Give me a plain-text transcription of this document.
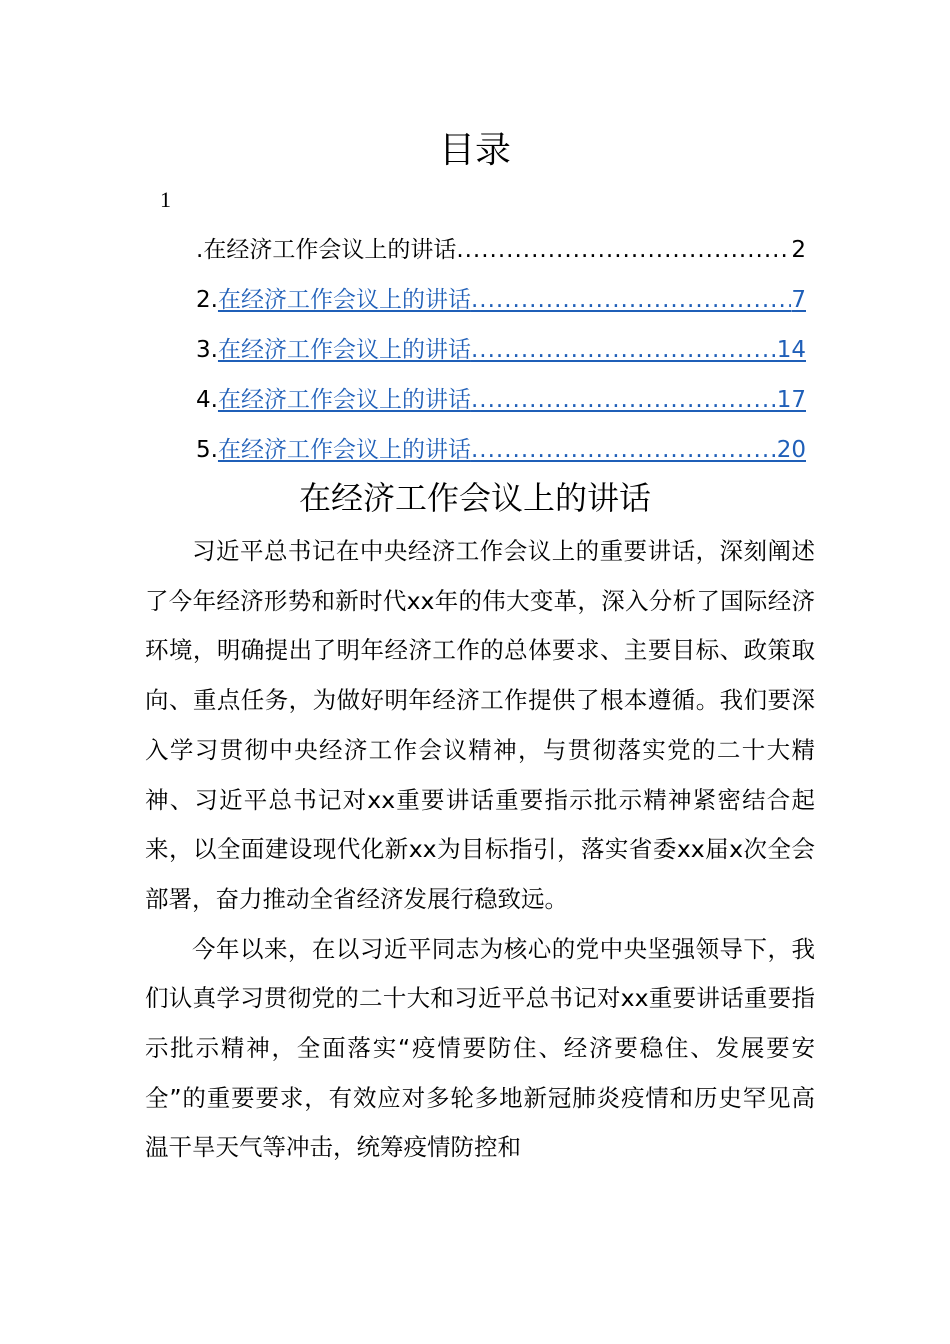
目录
1
. 在经济工作会议上的讲话 .....	2
2. 在经济工作会议上的讲话 .....	7
3. 在经济工作会议上的讲话 .....	14
4. 在经济工作会议上的讲话 .....	17
5. 在经济工作会议上的讲话 .....	20
在经济工作会议上的讲话

习近平总书记在中央经济工作会议上的重要讲话，深刻阐述了今年经济形势和新时代xx年的伟大变革，深入分析了国际经济环境，明确提出了明年经济工作的总体要求、主要目标、政策取向、重点任务，为做好明年经济工作提供了根本遵循。我们要深入学习贯彻中央经济工作会议精神，与贯彻落实党的二十大精神、习近平总书记对xx重要讲话重要指示批示精神紧密结合起来，以全面建设现代化新xx为目标指引，落实省委xx届x次全会部署，奋力推动全省经济发展行稳致远。

今年以来，在以习近平同志为核心的党中央坚强领导下，我们认真学习贯彻党的二十大和习近平总书记对xx重要讲话重要指示批示精神，全面落实“疫情要防住、经济要稳住、发展要安全”的重要要求，有效应对多轮多地新冠肺炎疫情和历史罕见高温干旱天气等冲击，统筹疫情防控和
